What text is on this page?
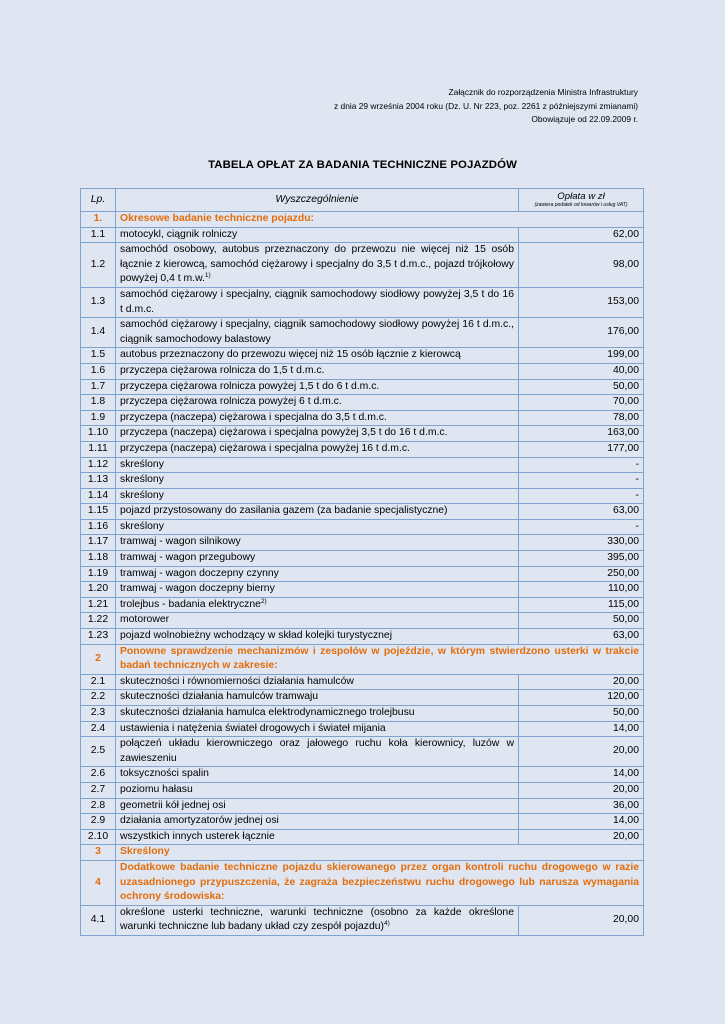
Załącznik do rozporządzenia Ministra Infrastruktury
z dnia 29 września 2004 roku (Dz. U. Nr 223, poz. 2261 z późniejszymi zmianami)
Obowiązuje od 22.09.2009 r.
TABELA OPŁAT ZA BADANIA TECHNICZNE POJAZDÓW
Lp.	Wyszczególnienie	Opłata w zł
(zawiera podatek od towarów i usług VAT)

1.	Okresowe badanie techniczne pojazdu:	
1.1	motocykl, ciągnik rolniczy	62,00
1.2	samochód osobowy, autobus przeznaczony do przewozu nie więcej niż 15 osób łącznie z kierowcą, samochód ciężarowy i specjalny do 3,5 t d.m.c., pojazd trójkołowy powyżej 0,4 t m.w.$^{1)}$	98,00
1.3	samochód ciężarowy i specjalny, ciągnik samochodowy siodłowy powyżej 3,5 t do 16 t d.m.c.	153,00
1.4	samochód ciężarowy i specjalny, ciągnik samochodowy siodłowy powyżej 16 t d.m.c., ciągnik samochodowy balastowy	176,00
1.5	autobus przeznaczony do przewozu więcej niż 15 osób łącznie z kierowcą	199,00
1.6	przyczepa ciężarowa rolnicza do 1,5 t d.m.c.	40,00
1.7	przyczepa ciężarowa rolnicza powyżej 1,5 t do 6 t d.m.c.	50,00
1.8	przyczepa ciężarowa rolnicza powyżej 6 t d.m.c.	70,00
1.9	przyczepa (naczepa) ciężarowa i specjalna do 3,5 t d.m.c.	78,00
1.10	przyczepa (naczepa) ciężarowa i specjalna powyżej 3,5 t do 16 t d.m.c.	163,00
1.11	przyczepa (naczepa) ciężarowa i specjalna powyżej 16 t d.m.c.	177,00
1.12	skreślony	-
1.13	skreślony	-
1.14	skreślony	-
1.15	pojazd przystosowany do zasilania gazem (za badanie specjalistyczne)	63,00
1.16	skreślony	-
1.17	tramwaj - wagon silnikowy	330,00
1.18	tramwaj - wagon przegubowy	395,00
1.19	tramwaj - wagon doczepny czynny	250,00
1.20	tramwaj - wagon doczepny bierny	110,00
1.21	trolejbus - badania elektryczne$^{2)}$	115,00
1.22	motorower	50,00
1.23	pojazd wolnobieżny wchodzący w skład kolejki turystycznej	63,00
2	Ponowne sprawdzenie mechanizmów i zespołów w pojeździe, w którym stwierdzono usterki w trakcie badań technicznych w zakresie:	
2.1	skuteczności i równomierności działania hamulców	20,00
2.2	skuteczności działania hamulców tramwaju	120,00
2.3	skuteczności działania hamulca elektrodynamicznego trolejbusu	50,00
2.4	ustawienia i natężenia świateł drogowych i świateł mijania	14,00
2.5	połączeń układu kierowniczego oraz jałowego ruchu koła kierownicy, luzów w zawieszeniu	20,00
2.6	toksyczności spalin	14,00
2.7	poziomu hałasu	20,00
2.8	geometrii kół jednej osi	36,00
2.9	działania amortyzatorów jednej osi	14,00
2.10	wszystkich innych usterek łącznie	20,00
3	Skreślony	
4	Dodatkowe badanie techniczne pojazdu skierowanego przez organ kontroli ruchu drogowego w razie uzasadnionego przypuszczenia, że zagraża bezpieczeństwu ruchu drogowego lub narusza wymagania ochrony środowiska:	
4.1	określone usterki techniczne, warunki techniczne (osobno za każde określone warunki techniczne lub badany układ czy zespół pojazdu)$^{4)}$	20,00
